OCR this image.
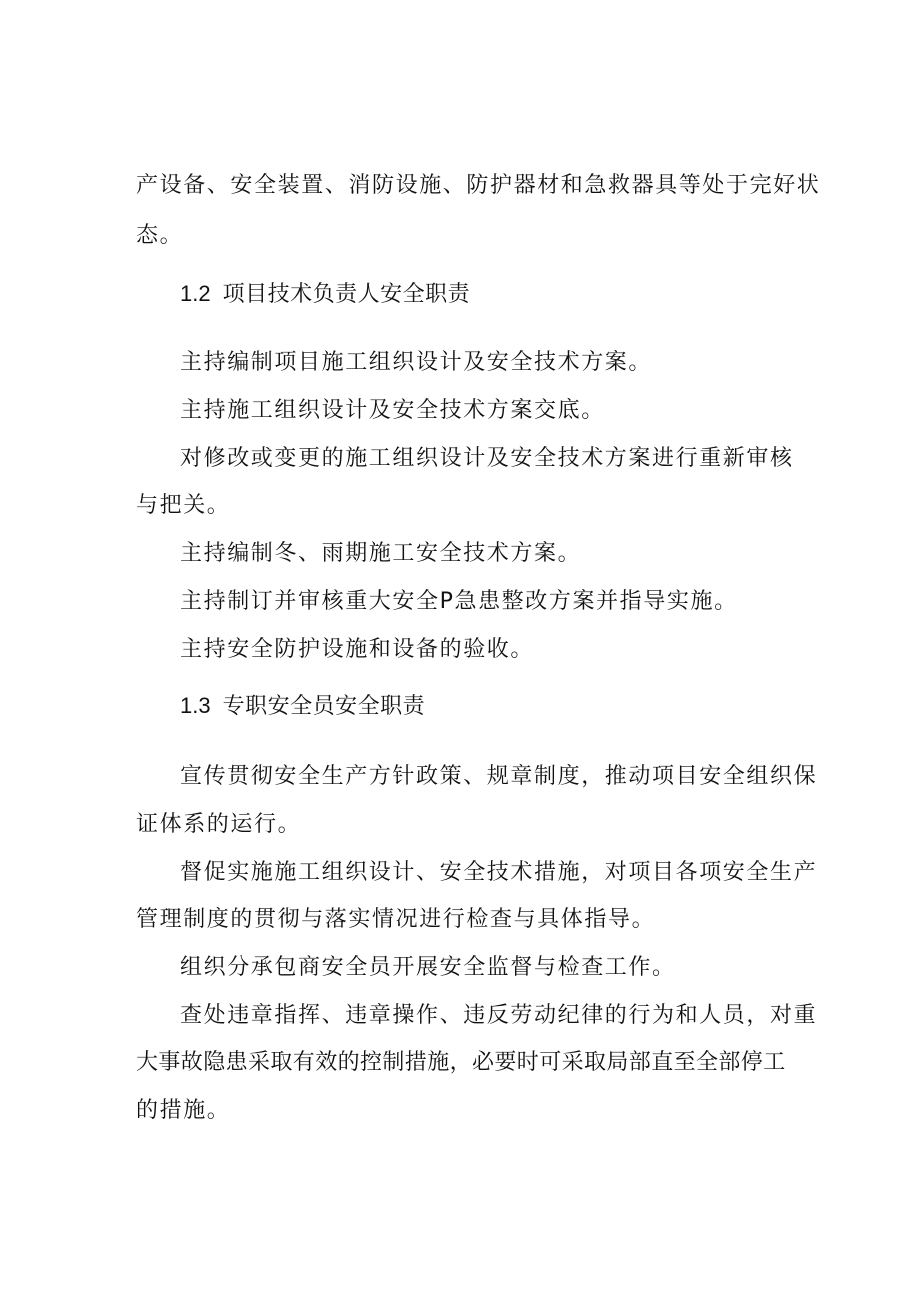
产设备、安全装置、消防设施、防护器材和急救器具等处于完好状
态。
1.2 项目技术负责人安全职责
主持编制项目施工组织设计及安全技术方案。
主持施工组织设计及安全技术方案交底。
对修改或变更的施工组织设计及安全技术方案进行重新审核
与把关。
主持编制冬、雨期施工安全技术方案。
主持制订并审核重大安全P急患整改方案并指导实施。
主持安全防护设施和设备的验收。
1.3 专职安全员安全职责
宣传贯彻安全生产方针政策、规章制度，推动项目安全组织保
证体系的运行。
督促实施施工组织设计、安全技术措施，对项目各项安全生产
管理制度的贯彻与落实情况进行检查与具体指导。
组织分承包商安全员开展安全监督与检查工作。
查处违章指挥、违章操作、违反劳动纪律的行为和人员，对重
大事故隐患采取有效的控制措施，必要时可采取局部直至全部停工
的措施。
